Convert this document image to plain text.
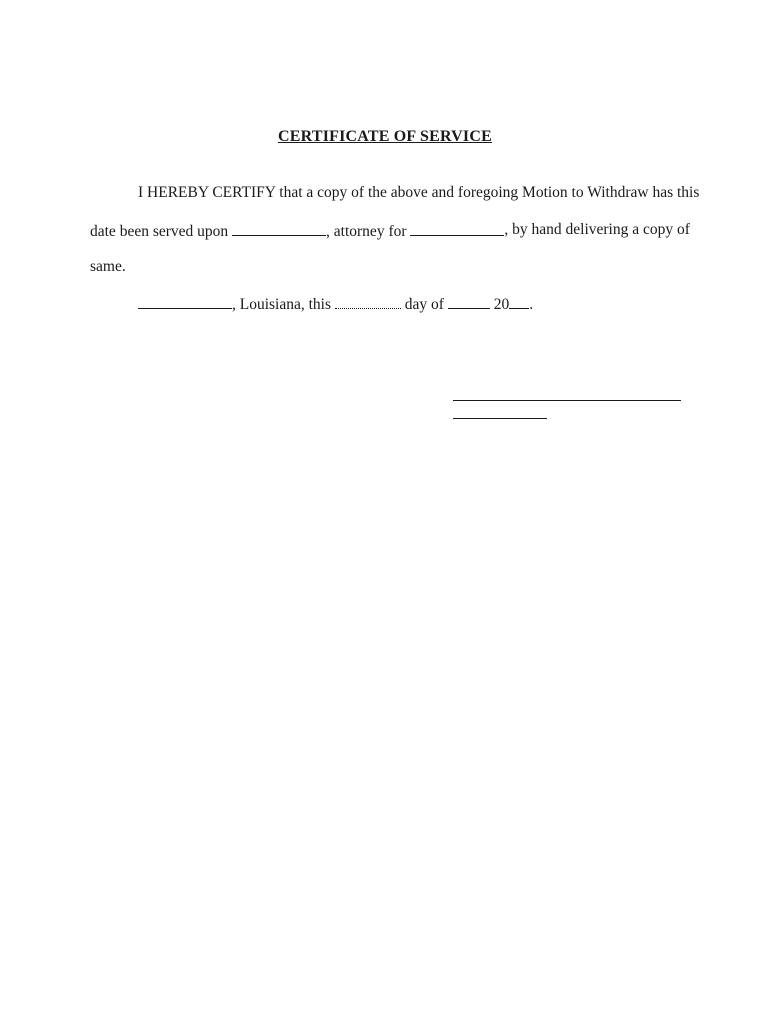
CERTIFICATE OF SERVICE
I HEREBY CERTIFY that a copy of the above and foregoing Motion to Withdraw has this
date been served upon	, attorney for	, by hand delivering a copy of
same.
, Louisiana, this	day of	20 .
